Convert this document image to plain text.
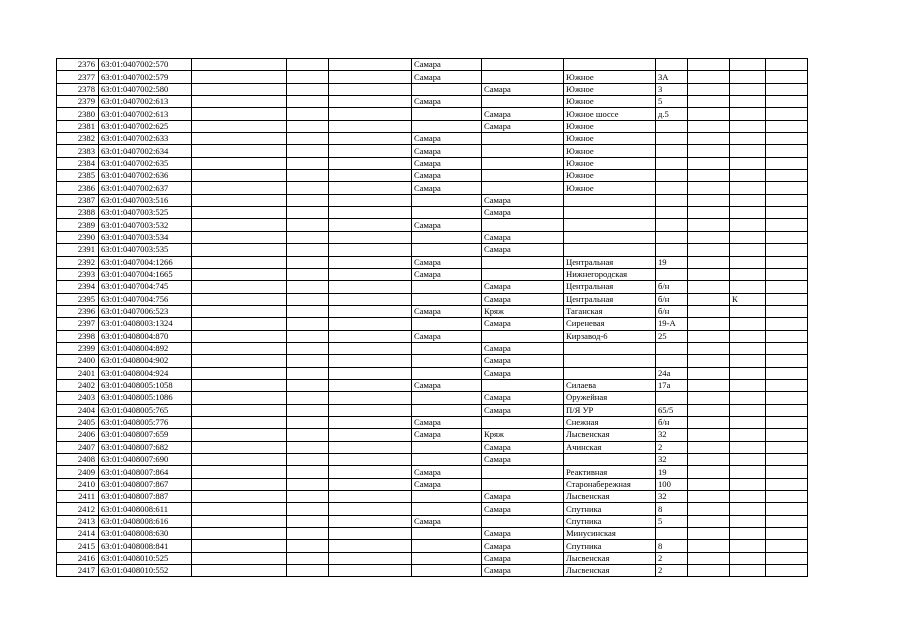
2376	63:01:0407002:570				Самара						
2377	63:01:0407002:579				Самара		Южное	3А			
2378	63:01:0407002:580					Самара	Южное	3			
2379	63:01:0407002:613				Самара		Южное	5			
2380	63:01:0407002:613					Самара	Южное шоссе	д.5			
2381	63:01:0407002:625					Самара	Южное				
2382	63:01:0407002:633				Самара		Южное				
2383	63:01:0407002:634				Самара		Южное				
2384	63:01:0407002:635				Самара		Южное				
2385	63:01:0407002:636				Самара		Южное				
2386	63:01:0407002:637				Самара		Южное				
2387	63:01:0407003:516					Самара					
2388	63:01:0407003:525					Самара					
2389	63:01:0407003:532				Самара						
2390	63:01:0407003:534					Самара					
2391	63:01:0407003:535					Самара					
2392	63:01:0407004:1266				Самара		Центральная	19			
2393	63:01:0407004:1665				Самара		Нижнегородская				
2394	63:01:0407004:745					Самара	Центральная	б/н			
2395	63:01:0407004:756					Самара	Центральная	б/н		К	
2396	63:01:0407006:523				Самара	Кряж	Таганская	б/н			
2397	63:01:0408003:1324					Самара	Сиреневая	19-А			
2398	63:01:0408004:870				Самара		Кирзавод-6	25			
2399	63:01:0408004:892					Самара					
2400	63:01:0408004:902					Самара					
2401	63:01:0408004:924					Самара		24а			
2402	63:01:0408005:1058				Самара		Силаева	17а			
2403	63:01:0408005:1086					Самара	Оружейная				
2404	63:01:0408005:765					Самара	П/Я УР	65/5			
2405	63:01:0408005:776				Самара		Снежная	б/н			
2406	63:01:0408007:659				Самара	Кряж	Лысвенская	32			
2407	63:01:0408007:682					Самара	Ачинская	2			
2408	63:01:0408007:690					Самара		32			
2409	63:01:0408007:864				Самара		Реактивная	19			
2410	63:01:0408007:867				Самара		Старонабережная	100			
2411	63:01:0408007:887					Самара	Лысвенская	32			
2412	63:01:0408008:611					Самара	Спутника	8			
2413	63:01:0408008:616				Самара		Спутника	5			
2414	63:01:0408008:630					Самара	Минусинская				
2415	63:01:0408008:841					Самара	Спутника	8			
2416	63:01:0408010:525					Самара	Лысвенская	2			
2417	63:01:0408010:552					Самара	Лысвенская	2			
